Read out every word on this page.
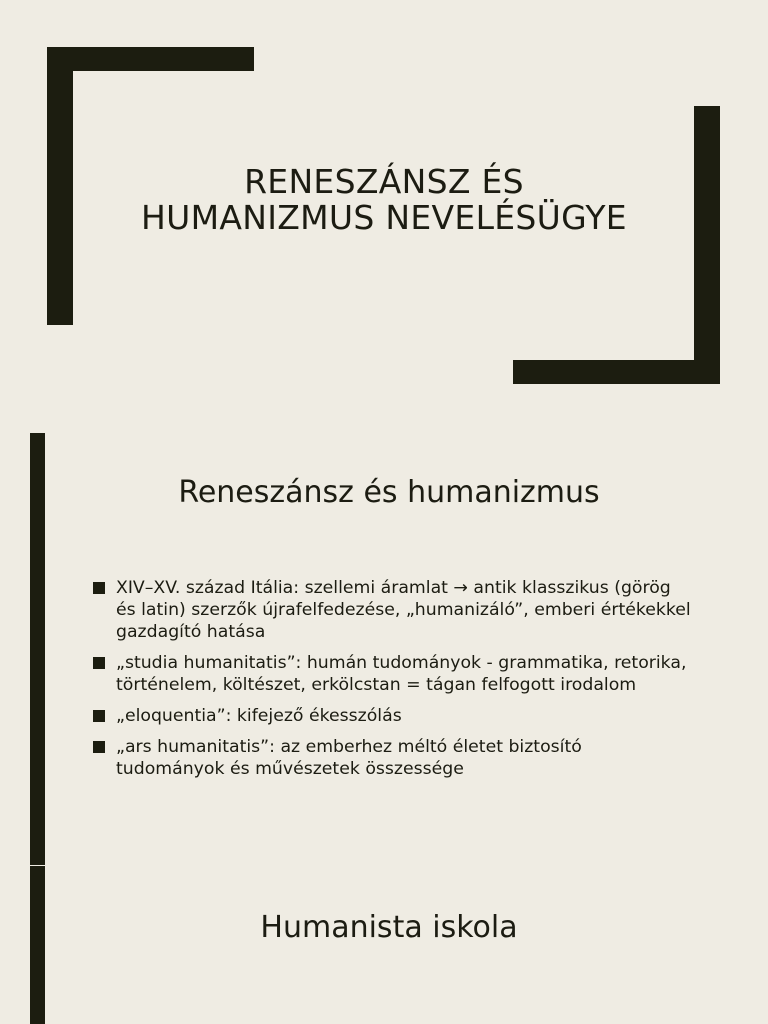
RENESZÁNSZ ÉS
HUMANIZMUS NEVELÉSÜGYE
Reneszánsz és humanizmus
XIV–XV. század Itália: szellemi áramlat → antik klasszikus (görög és latin) szerzők újrafelfedezése, „humanizáló”, emberi értékekkel gazdagító hatása
„studia humanitatis”: humán tudományok - grammatika, retorika, történelem, költészet, erkölcstan = tágan felfogott irodalom
„eloquentia”: kifejező ékesszólás
„ars humanitatis”: az emberhez méltó életet biztosító tudományok és művészetek összessége
Humanista iskola
